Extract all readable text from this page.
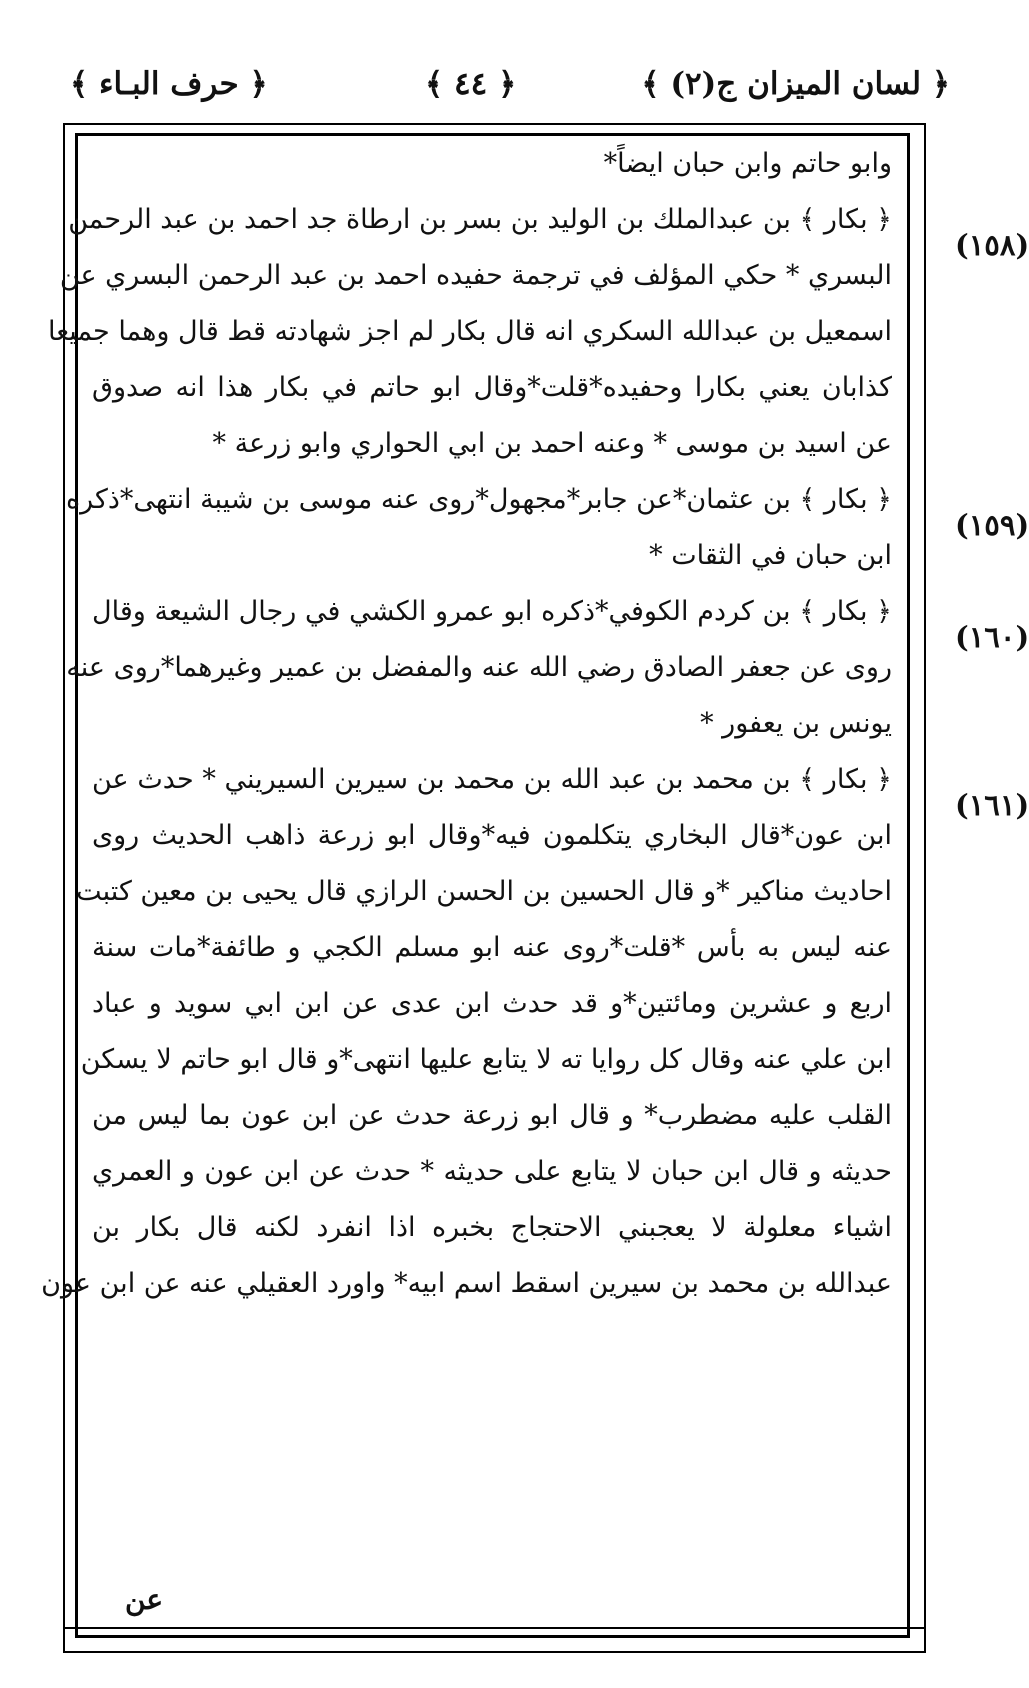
﴿ لسان الميزان ج(٢) ﴾
﴿ ٤٤ ﴾
﴿ حرف البـاء ﴾
(١٥٨)
(١٥٩)
(١٦٠)
(١٦١)
وابو حاتم وابن حبان ايضاً*
﴿ بكار ﴾ بن عبدالملك بن الوليد بن بسر بن ارطاة جد احمد بن عبد الرحمن
البسري * حكي المؤلف في ترجمة حفيده احمد بن عبد الرحمن البسري عن
اسمعيل بن عبدالله السكري انه قال بكار لم اجز شهادته قط قال وهما جميعا
كذابان يعني بكارا وحفيده*قلت*وقال ابو حاتم في بكار هذا انه صدوق
عن اسيد بن موسى * وعنه احمد بن ابي الحواري وابو زرعة *
﴿ بكار ﴾ بن عثمان*عن جابر*مجهول*روى عنه موسى بن شيبة انتهى*ذكره
ابن حبان في الثقات *
﴿ بكار ﴾ بن كردم الكوفي*ذكره ابو عمرو الكشي في رجال الشيعة وقال
روى عن جعفر الصادق رضي الله عنه والمفضل بن عمير وغيرهما*روى عنه
يونس بن يعفور *
﴿ بكار ﴾ بن محمد بن عبد الله بن محمد بن سيرين السيريني * حدث عن
ابن عون*قال البخاري يتكلمون فيه*وقال ابو زرعة ذاهب الحديث روى
احاديث مناكير *و قال الحسين بن الحسن الرازي قال يحيى بن معين كتبت
عنه ليس به بأس *قلت*روى عنه ابو مسلم الكجي و طائفة*مات سنة
اربع و عشرين ومائتين*و قد حدث ابن عدى عن ابن ابي سويد و عباد
ابن علي عنه وقال كل روايا ته لا يتابع عليها انتهى*و قال ابو حاتم لا يسكن
القلب عليه مضطرب* و قال ابو زرعة حدث عن ابن عون بما ليس من
حديثه و قال ابن حبان لا يتابع على حديثه * حدث عن ابن عون و العمري
اشياء معلولة لا يعجبني الاحتجاج بخبره اذا انفرد لكنه قال بكار بن
عبدالله بن محمد بن سيرين اسقط اسم ابيه* واورد العقيلي عنه عن ابن عون
عن
